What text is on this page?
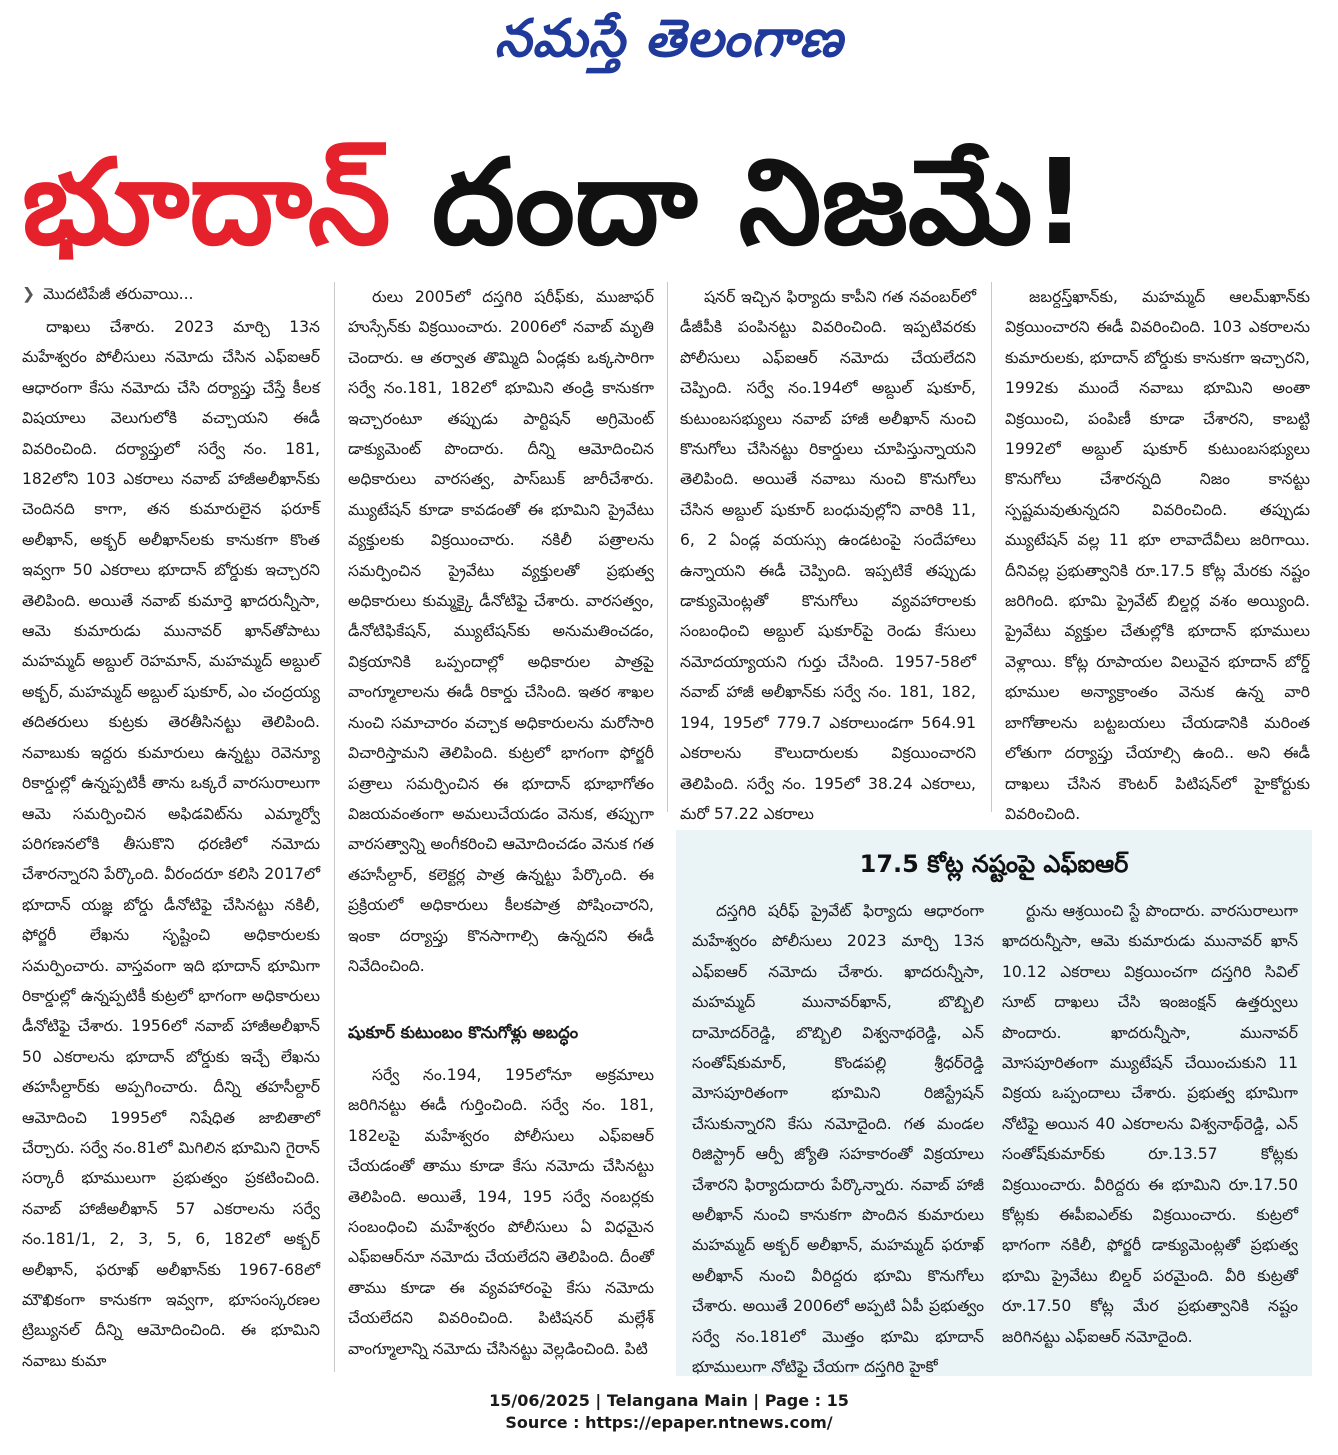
నమస్తే తెలంగాణ
భూదాన్ దందా నిజమే!
❯ మొదటిపేజీ తరువాయి...

దాఖలు చేశారు. 2023 మార్చి 13న మహేశ్వరం పోలీసులు నమోదు చేసిన ఎఫ్ఐఆర్ ఆధారంగా కేసు నమోదు చేసి దర్యాప్తు చేస్తే కీలక విషయాలు వెలుగులోకి వచ్చాయని ఈడీ వివరించింది. దర్యాప్తులో సర్వే నం. 181, 182లోని 103 ఎకరాలు నవాబ్ హాజీఅలీఖాన్‌కు చెందినది కాగా, తన కుమారులైన ఫరూక్ అలీఖాన్, అక్బర్ అలీఖాన్‌లకు కానుకగా కొంత ఇవ్వగా 50 ఎకరాలు భూదాన్ బోర్డుకు ఇచ్చారని తెలిపింది. అయితే నవాబ్ కుమార్తె ఖాదరున్నీసా, ఆమె కుమారుడు మునావర్ ఖాన్‌తోపాటు మహమ్మద్ అబ్దుల్ రెహమాన్, మహమ్మద్ అబ్దుల్ అక్బర్, మహమ్మద్ అబ్దుల్ షుకూర్, ఎం చంద్రయ్య తదితరులు కుట్రకు తెరతీసినట్టు తెలిపింది. నవాబుకు ఇద్దరు కుమారులు ఉన్నట్టు రెవెన్యూ రికార్డుల్లో ఉన్నప్పటికీ తాను ఒక్కరే వారసురాలుగా ఆమె సమర్పించిన అఫిడవిట్‌ను ఎమ్మార్వో పరిగణనలోకి తీసుకొని ధరణిలో నమోదు చేశారన్నారని పేర్కొంది. వీరందరూ కలిసి 2017లో భూదాన్ యజ్ఞ బోర్డు డీనోటిఫై చేసినట్టు నకిలీ, ఫోర్జరీ లేఖను సృష్టించి అధికారులకు సమర్పించారు. వాస్తవంగా ఇది భూదాన్ భూమిగా రికార్డుల్లో ఉన్నప్పటికీ కుట్రలో భాగంగా అధికారులు డీనోటిఫై చేశారు. 1956లో నవాబ్ హాజీఅలీఖాన్ 50 ఎకరాలను భూదాన్ బోర్డుకు ఇచ్చే లేఖను తహసీల్దార్‌కు అప్పగించారు. దీన్ని తహసీల్దార్ ఆమోదించి 1995లో నిషేధిత జాబితాలో చేర్చారు. సర్వే నం.81లో మిగిలిన భూమిని గైరాన్ సర్కారీ భూములుగా ప్రభుత్వం ప్రకటించింది. నవాబ్ హాజీఅలీఖాన్ 57 ఎకరాలను సర్వే నం.181/1, 2, 3, 5, 6, 182లో అక్బర్ అలీఖాన్, ఫరూఖ్ అలీఖాన్‌కు 1967-68లో మౌఖికంగా కానుకగా ఇవ్వగా, భూసంస్కరణల ట్రిబ్యునల్ దీన్ని ఆమోదించింది. ఈ భూమిని నవాబు కుమా

రులు 2005లో దస్తగిరి షరీఫ్‌కు, ముజాఫర్ హుస్సేన్‌కు విక్రయించారు. 2006లో నవాబ్ మృతి చెందారు. ఆ తర్వాత తొమ్మిది ఏండ్లకు ఒక్కసారిగా సర్వే నం.181, 182లో భూమిని తండ్రి కానుకగా ఇచ్చారంటూ తప్పుడు పార్టిషన్ అగ్రిమెంట్ డాక్యుమెంట్ పొందారు. దీన్ని ఆమోదించిన అధికారులు వారసత్వ, పాస్‌బుక్ జారీచేశారు. మ్యుటేషన్ కూడా కావడంతో ఈ భూమిని ప్రైవేటు వ్యక్తులకు విక్రయించారు. నకిలీ పత్రాలను సమర్పించిన ప్రైవేటు వ్యక్తులతో ప్రభుత్వ అధికారులు కుమ్మక్కై డీనోటిఫై చేశారు. వారసత్వం, డీనోటిఫికేషన్, మ్యుటేషన్‌కు అనుమతించడం, విక్రయానికి ఒప్పందాల్లో అధికారుల పాత్రపై వాంగ్మూలాలను ఈడీ రికార్డు చేసింది. ఇతర శాఖల నుంచి సమాచారం వచ్చాక అధికారులను మరోసారి విచారిస్తామని తెలిపింది. కుట్రలో భాగంగా ఫోర్జరీ పత్రాలు సమర్పించిన ఈ భూదాన్ భూభాగోతం విజయవంతంగా అమలుచేయడం వెనుక, తప్పుగా వారసత్వాన్ని అంగీకరించి ఆమోదించడం వెనుక గత తహసీల్దార్, కలెక్టర్ల పాత్ర ఉన్నట్టు పేర్కొంది. ఈ ప్రక్రియలో అధికారులు కీలకపాత్ర పోషించారని, ఇంకా దర్యాప్తు కొనసాగాల్సి ఉన్నదని ఈడీ నివేదించింది.

షుకూర్ కుటుంబం కొనుగోళ్లు అబద్ధం

సర్వే నం.194, 195లోనూ అక్రమాలు జరిగినట్టు ఈడీ గుర్తించింది. సర్వే నం. 181, 182లపై మహేశ్వరం పోలీసులు ఎఫ్ఐఆర్ చేయడంతో తాము కూడా కేసు నమోదు చేసినట్టు తెలిపింది. అయితే, 194, 195 సర్వే నంబర్లకు సంబంధించి మహేశ్వరం పోలీసులు ఏ విధమైన ఎఫ్ఐఆర్‌నూ నమోదు చేయలేదని తెలిపింది. దీంతో తాము కూడా ఈ వ్యవహారంపై కేసు నమోదు చేయలేదని వివరించింది. పిటిషనర్ మల్లేశ్ వాంగ్మూలాన్ని నమోదు చేసినట్టు వెల్లడించింది. పిటి

షనర్ ఇచ్చిన ఫిర్యాదు కాపీని గత నవంబర్‌లో డీజీపీకి పంపినట్టు వివరించింది. ఇప్పటివరకు పోలీసులు ఎఫ్ఐఆర్ నమోదు చేయలేదని చెప్పింది. సర్వే నం.194లో అబ్దుల్ షుకూర్, కుటుంబసభ్యులు నవాబ్ హాజీ అలీఖాన్ నుంచి కొనుగోలు చేసినట్టు రికార్డులు చూపిస్తున్నాయని తెలిపింది. అయితే నవాబు నుంచి కొనుగోలు చేసిన అబ్దుల్ షుకూర్ బంధువుల్లోని వారికి 11, 6, 2 ఏండ్ల వయస్సు ఉండటంపై సందేహాలు ఉన్నాయని ఈడీ చెప్పింది. ఇప్పటికే తప్పుడు డాక్యుమెంట్లతో కొనుగోలు వ్యవహారాలకు సంబంధించి అబ్దుల్ షుకూర్‌పై రెండు కేసులు నమోదయ్యాయని గుర్తు చేసింది. 1957-58లో నవాబ్ హాజీ అలీఖాన్‌కు సర్వే నం. 181, 182, 194, 195లో 779.7 ఎకరాలుండగా 564.91 ఎకరాలను కౌలుదారులకు విక్రయించారని తెలిపింది. సర్వే నం. 195లో 38.24 ఎకరాలు, మరో 57.22 ఎకరాలు

జబర్దస్త్‌ఖాన్‌కు, మహమ్మద్ ఆలమ్‌ఖాన్‌కు విక్రయించారని ఈడీ వివరించింది. 103 ఎకరాలను కుమారులకు, భూదాన్ బోర్డుకు కానుకగా ఇచ్చారని, 1992కు ముందే నవాబు భూమిని అంతా విక్రయించి, పంపిణీ కూడా చేశారని, కాబట్టి 1992లో అబ్దుల్ షుకూర్ కుటుంబసభ్యులు కొనుగోలు చేశారన్నది నిజం కానట్టు స్పష్టమవుతున్నదని వివరించింది. తప్పుడు మ్యుటేషన్ వల్ల 11 భూ లావాదేవీలు జరిగాయి. దీనివల్ల ప్రభుత్వానికి రూ.17.5 కోట్ల మేరకు నష్టం జరిగింది. భూమి ప్రైవేట్ బిల్డర్ల వశం అయ్యింది. ప్రైవేటు వ్యక్తుల చేతుల్లోకి భూదాన్ భూములు వెళ్లాయి. కోట్ల రూపాయల విలువైన భూదాన్ బోర్డ్ భూముల అన్యాక్రాంతం వెనుక ఉన్న వారి బాగోతాలను బట్టబయలు చేయడానికి మరింత లోతుగా దర్యాప్తు చేయాల్సి ఉంది.. అని ఈడీ దాఖలు చేసిన కౌంటర్ పిటిషన్‌లో హైకోర్టుకు వివరించింది.

17.5 కోట్ల నష్టంపై ఎఫ్ఐఆర్

దస్తగిరి షరీఫ్ ప్రైవేట్ ఫిర్యాదు ఆధారంగా మహేశ్వరం పోలీసులు 2023 మార్చి 13న ఎఫ్ఐఆర్ నమోదు చేశారు. ఖాదరున్నీసా, మహమ్మద్ మునావర్‌ఖాన్, బొబ్బిలి దామోదర్‌రెడ్డి, బొబ్బిలి విశ్వనాథరెడ్డి, ఎన్ సంతోష్‌కుమార్, కొండపల్లి శ్రీధర్‌రెడ్డి మోసపూరితంగా భూమిని రిజిస్ట్రేషన్ చేసుకున్నారని కేసు నమోదైంది. గత మండల రిజిస్ట్రార్ ఆర్పీ జ్యోతి సహకారంతో విక్రయాలు చేశారని ఫిర్యాదుదారు పేర్కొన్నారు. నవాబ్ హాజీ అలీఖాన్ నుంచి కానుకగా పొందిన కుమారులు మహమ్మద్ అక్బర్ అలీఖాన్, మహమ్మద్ ఫరూఖ్ అలీఖాన్ నుంచి వీరిద్దరు భూమి కొనుగోలు చేశారు. అయితే 2006లో అప్పటి ఏపీ ప్రభుత్వం సర్వే నం.181లో మొత్తం భూమి భూదాన్ భూములుగా నోటిఫై చేయగా దస్తగిరి హైకో

ర్టును ఆశ్రయించి స్టే పొందారు. వారసురాలుగా ఖాదరున్నీసా, ఆమె కుమారుడు మునావర్ ఖాన్ 10.12 ఎకరాలు విక్రయించగా దస్తగిరి సివిల్ సూట్ దాఖలు చేసి ఇంజంక్షన్ ఉత్తర్వులు పొందారు. ఖాదరున్నీసా, మునావర్ మోసపూరితంగా మ్యుటేషన్ చేయించుకుని 11 విక్రయ ఒప్పందాలు చేశారు. ప్రభుత్వ భూమిగా నోటిఫై అయిన 40 ఎకరాలను విశ్వనాథ్‌రెడ్డి, ఎన్ సంతోష్‌కుమార్‌కు రూ.13.57 కోట్లకు విక్రయించారు. వీరిద్దరు ఈ భూమిని రూ.17.50 కోట్లకు ఈపీఐఎల్‌కు విక్రయించారు. కుట్రలో భాగంగా నకిలీ, ఫోర్జరీ డాక్యుమెంట్లతో ప్రభుత్వ భూమి ప్రైవేటు బిల్డర్ పరమైంది. వీరి కుట్రతో రూ.17.50 కోట్ల మేర ప్రభుత్వానికి నష్టం జరిగినట్టు ఎఫ్ఐఆర్ నమోదైంది.

15/06/2025 | Telangana Main | Page : 15
Source : https://epaper.ntnews.com/
